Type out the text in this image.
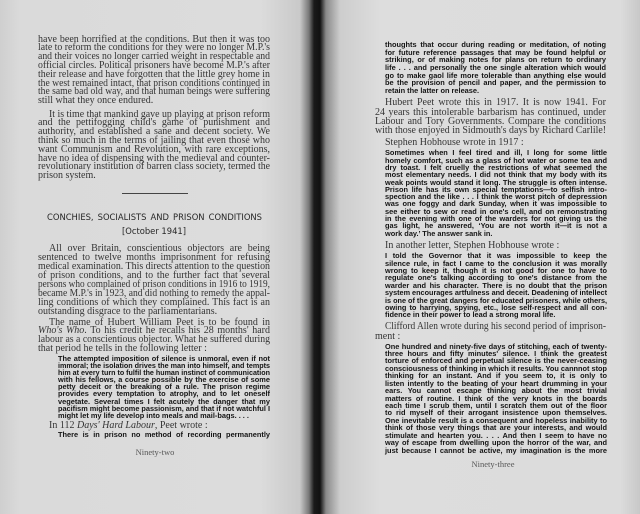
have been horrified at the conditions. But then it was too
late to reform the conditions for they were no longer M.P.'s
and their voices no longer carried weight in respectable and
official circles. Political prisoners have become M.P.'s after
their release and have forgotten that the little grey home in
the west remained intact, that prison conditions continued in
the same bad old way, and that human beings were suffering
still what they once endured.
It is time that mankind gave up playing at prison reform
and the pettifogging child's game of punishment and
authority, and established a sane and decent society. We
think so much in the terms of jailing that even those who
want Communism and Revolution, with rare exceptions,
have no idea of dispensing with the medieval and counter-
revolutionary institution of barren class society, termed the
prison system.
CONCHIES, SOCIALISTS AND PRISON CONDITIONS
[October 1941]
All over Britain, conscientious objectors are being
sentenced to twelve months imprisonment for refusing
medical examination. This directs attention to the question
of prison conditions, and to the further fact that several
persons who complained of prison conditions in 1916 to 1919,
became M.P.'s in 1923, and did nothing to remedy the appal-
ling conditions of which they complained. This fact is an
outstanding disgrace to the parliamentarians.
The name of Hubert William Peet is to be found in
Who's Who. To his credit he recalls his 28 months' hard
labour as a conscientious objector. What he suffered during
that period he tells in the following letter :
The attempted imposition of silence is unmoral, even if not
immoral; the isolation drives the man into himself, and tempts
him at every turn to fulfil the human instinct of communication
with his fellows, a course possible by the exercise of some
petty deceit or the breaking of a rule. The prison regime
provides every temptation to atrophy, and to let oneself
vegetate. Several times I felt acutely the danger that my
pacifism might become passionism, and that if not watchful I
might let my life develop into meals and mail-bags. . . .
In 112 Days' Hard Labour, Peet wrote :
There is in prison no method of recording permanently
Ninety-two
thoughts that occur during reading or meditation, of noting
for future reference passages that may be found helpful or
striking, or of making notes for plans on return to ordinary
life . . . and personally the one single alteration which would
go to make gaol life more tolerable than anything else would
be the provision of pencil and paper, and the permission to
retain the latter on release.
Hubert Peet wrote this in 1917. It is now 1941. For
24 years this intolerable barbarism has continued, under
Labour and Tory Governments. Compare the conditions
with those enjoyed in Sidmouth's days by Richard Carlile!
Stephen Hobhouse wrote in 1917 :
Sometimes when I feel tired and ill, I long for some little
homely comfort, such as a glass of hot water or some tea and
dry toast. I felt cruelly the restrictions of what seemed the
most elementary needs. I did not think that my body with its
weak points would stand it long. The struggle is often intense.
Prison life has its own special temptations—to selfish intro-
spection and the like . . . I think the worst pitch of depression
was one foggy and dark Sunday, when it was impossible to
see either to sew or read in one's cell, and on remonstrating
in the evening with one of the warders for not giving us the
gas light, he answered, ‘You are not worth it—it is not a
work day.’ The answer sank in.
In another letter, Stephen Hobhouse wrote :
I told the Governor that it was impossible to keep the
silence rule, in fact I came to the conclusion it was morally
wrong to keep it, though it is not good for one to have to
regulate one's talking according to one's distance from the
warder and his character. There is no doubt that the prison
system encourages artfulness and deceit. Deadening of intellect
is one of the great dangers for educated prisoners, while others,
owing to harrying, spying, etc., lose self-respect and all con-
fidence in their power to lead a strong moral life.
Clifford Allen wrote during his second period of imprison-
ment :
One hundred and ninety-five days of stitching, each of twenty-
three hours and fifty minutes' silence. I think the greatest
torture of enforced and perpetual silence is the never-ceasing
consciousness of thinking in which it results. You cannnot stop
thinking for an instant. And if you seem to, it is only to
listen intently to the beating of your heart drumming in your
ears. You cannot escape thinking about the most trivial
matters of routine. I think of the very knots in the boards
each time I scrub them, until I scratch them out of the floor
to rid myself of their arrogant insistence upon themselves.
One inevitable result is a consequent and hopeless inability to
think of those very things that are your interests, and would
stimulate and hearten you. . . . And then I seem to have no
way of escape from dwelling upon the horror of the war, and
just because I cannot be active, my imagination is the more
Ninety-three
